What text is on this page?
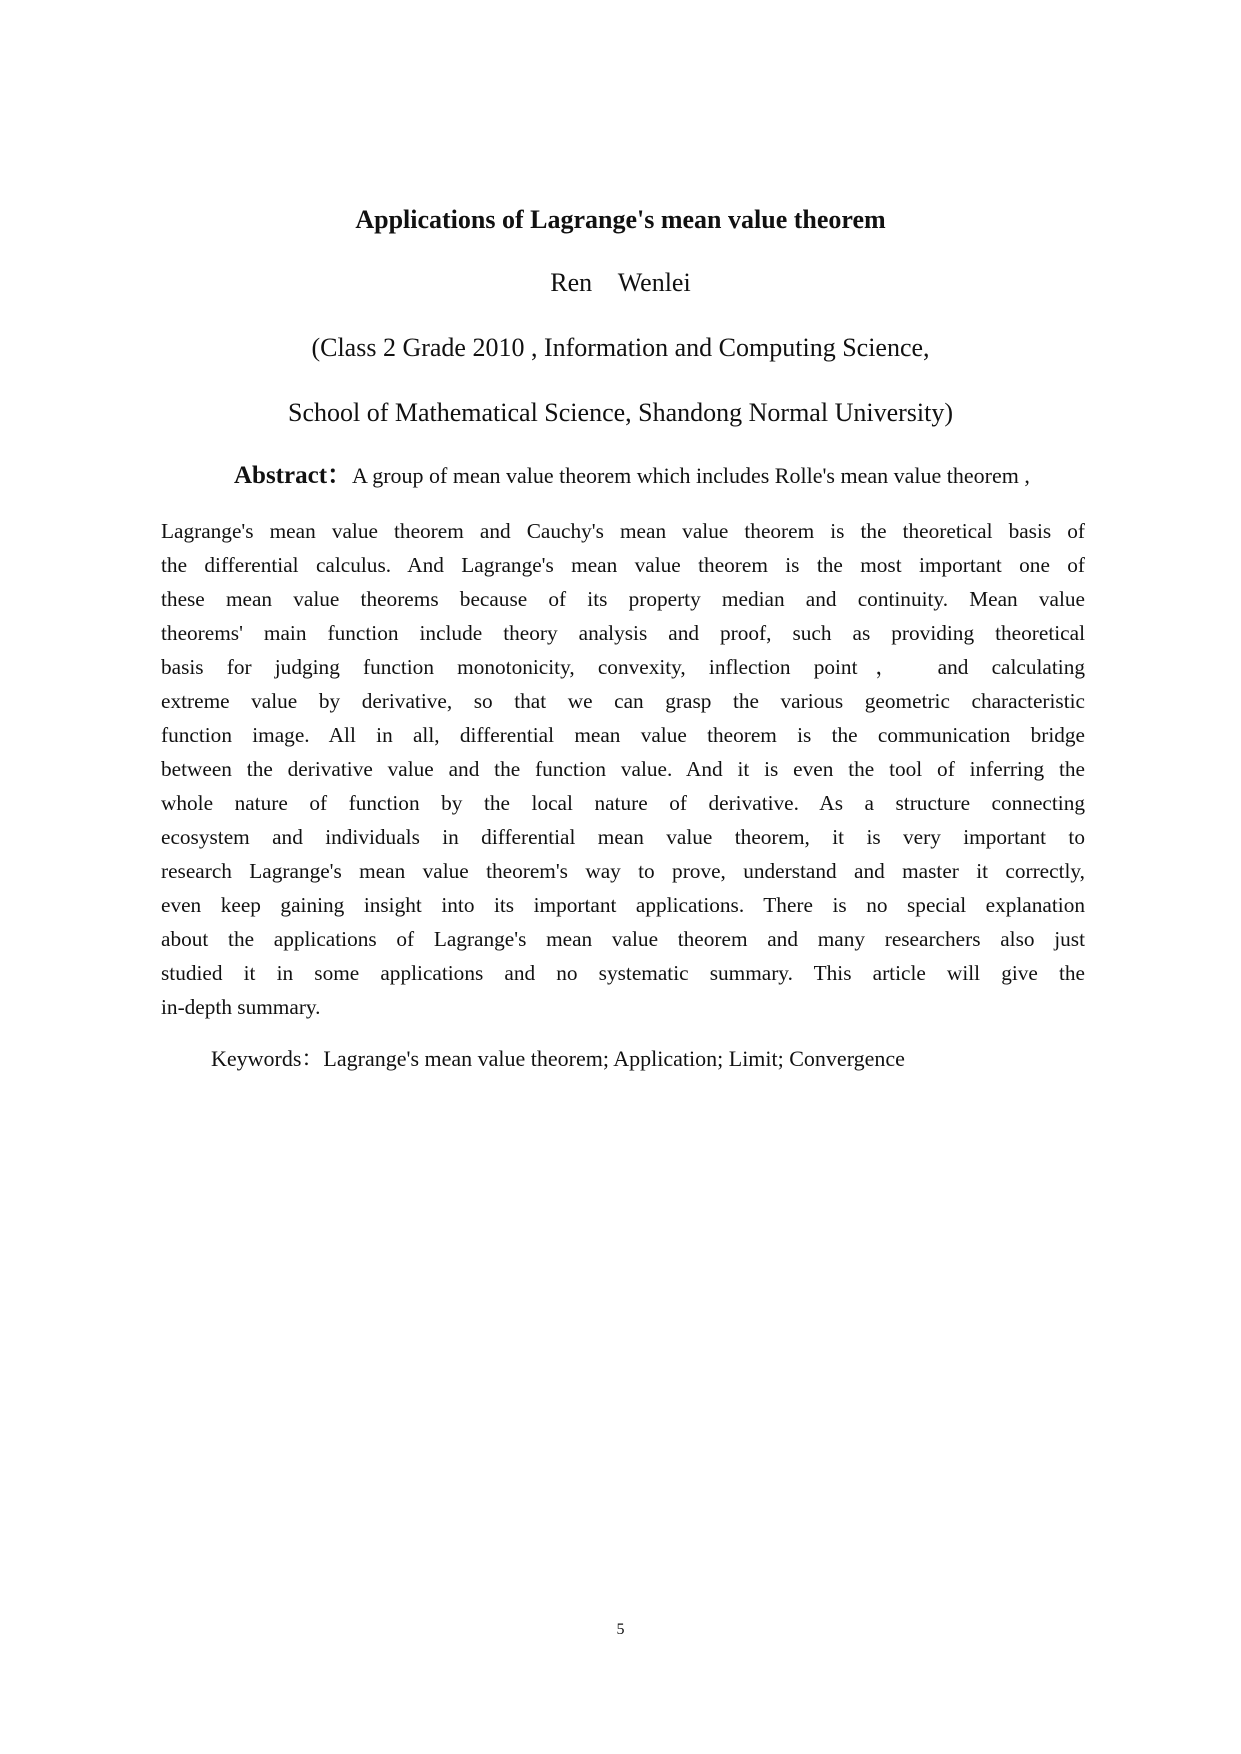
Applications of Lagrange's mean value theorem
Ren    Wenlei
(Class 2 Grade 2010 , Information and Computing Science,
School of Mathematical Science, Shandong Normal University)
Abstract：A group of mean value theorem which includes Rolle's mean value theorem ,
Lagrange's mean value theorem and Cauchy's mean value theorem is the theoretical basis of
the differential calculus. And Lagrange's mean value theorem is the most important one of
these mean value theorems because of its property median and continuity. Mean value
theorems' main function include theory analysis and proof, such as providing theoretical
basis for judging function monotonicity, convexity, inflection point， and calculating
extreme value by derivative, so that we can grasp the various geometric characteristic
function image. All in all, differential mean value theorem is the communication bridge
between the derivative value and the function value. And it is even the tool of inferring the
whole nature of function by the local nature of derivative. As a structure connecting
ecosystem and individuals in differential mean value theorem, it is very important to
research Lagrange's mean value theorem's way to prove, understand and master it correctly,
even keep gaining insight into its important applications. There is no special explanation
about the applications of Lagrange's mean value theorem and many researchers also just
studied it in some applications and no systematic summary. This article will give the
in-depth summary.
Keywords：Lagrange's mean value theorem; Application; Limit; Convergence
5
